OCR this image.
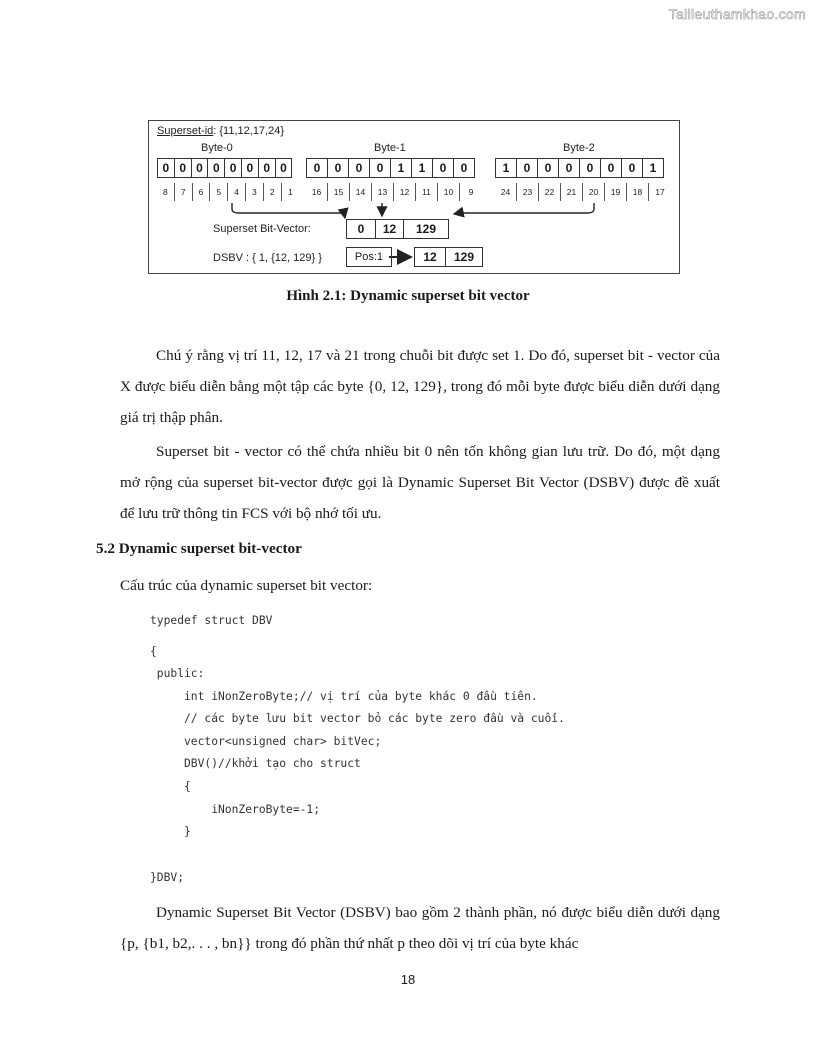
Tailieuthamkhao.com
Superset-id: {11,12,17,24}
Byte-0	Byte-1	Byte-2
0 0 0 0 0 0 0 0	0	0	0	0	1	1	0	0	1	0	0	0	0	0	0	1
8	7	6	5	4	3	2	1	16	15	14	13	12	11	10	9	24	23	22	21	20	19	18	17
Superset Bit-Vector:	0	12	129
DSBV : { 1, {12, 129} }	Pos:1	12	129
Hình 2.1: Dynamic superset bit vector
Chú ý rằng vị trí 11, 12, 17 và 21 trong chuỗi bit được set 1. Do đó, superset bit - vector của X được biểu diễn bằng một tập các byte {0, 12, 129}, trong đó mỗi byte được biểu diễn dưới dạng giá trị thập phân.
Superset bit - vector có thể chứa nhiều bit 0 nên tốn không gian lưu trữ. Do đó, một dạng mở rộng của superset bit-vector được gọi là Dynamic Superset Bit Vector (DSBV) được đề xuất để lưu trữ thông tin FCS với bộ nhớ tối ưu.
5.2 Dynamic superset bit-vector
Cấu trúc của dynamic superset bit vector:
typedef struct DBV
{
public:
int iNonZeroByte;// vị trí của byte khác 0 đầu tiên.
// các byte lưu bit vector bỏ các byte zero đầu và cuối.
vector<unsigned char> bitVec;
DBV()//khởi tạo cho struct
{
iNonZeroByte=-1;
}
}DBV;
Dynamic Superset Bit Vector (DSBV) bao gồm 2 thành phần, nó được biểu diễn dưới dạng {p, {b1, b2,. . . , bn}} trong đó phần thứ nhất p theo dõi vị trí của byte khác
18
